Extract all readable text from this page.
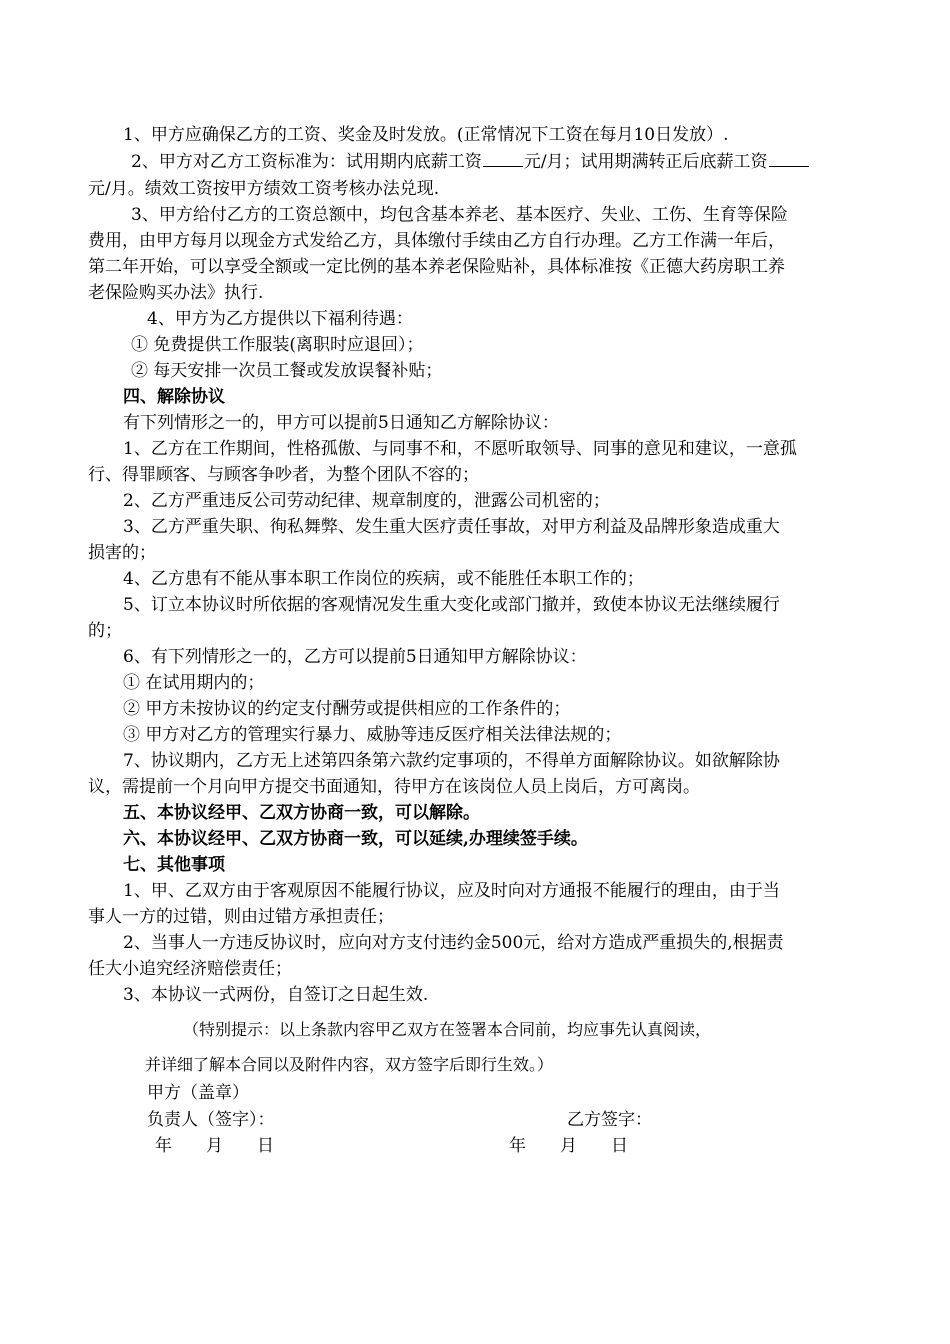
1、甲方应确保乙方的工资、奖金及时发放。(正常情况下工资在每月10日发放）.
2、甲方对乙方工资标准为：试用期内底薪工资 元/月；试用期满转正后底薪工资
元/月。绩效工资按甲方绩效工资考核办法兑现.
3、甲方给付乙方的工资总额中，均包含基本养老、基本医疗、失业、工伤、生育等保险
费用，由甲方每月以现金方式发给乙方，具体缴付手续由乙方自行办理。乙方工作满一年后，
第二年开始，可以享受全额或一定比例的基本养老保险贴补，具体标准按《正德大药房职工养
老保险购买办法》执行.
4、甲方为乙方提供以下福利待遇：
① 免费提供工作服装(离职时应退回）；
② 每天安排一次员工餐或发放误餐补贴；
四、解除协议
有下列情形之一的，甲方可以提前5日通知乙方解除协议：
1、乙方在工作期间，性格孤傲、与同事不和，不愿听取领导、同事的意见和建议，一意孤
行、得罪顾客、与顾客争吵者，为整个团队不容的；
2、乙方严重违反公司劳动纪律、规章制度的，泄露公司机密的；
3、乙方严重失职、徇私舞弊、发生重大医疗责任事故，对甲方利益及品牌形象造成重大
损害的；
4、乙方患有不能从事本职工作岗位的疾病，或不能胜任本职工作的；
5、订立本协议时所依据的客观情况发生重大变化或部门撤并，致使本协议无法继续履行
的；
6、有下列情形之一的，乙方可以提前5日通知甲方解除协议：
① 在试用期内的；
② 甲方未按协议的约定支付酬劳或提供相应的工作条件的；
③ 甲方对乙方的管理实行暴力、威胁等违反医疗相关法律法规的；
7、协议期内，乙方无上述第四条第六款约定事项的，不得单方面解除协议。如欲解除协
议，需提前一个月向甲方提交书面通知，待甲方在该岗位人员上岗后，方可离岗。
五、本协议经甲、乙双方协商一致，可以解除。
六、本协议经甲、乙双方协商一致，可以延续,办理续签手续。
七、其他事项
1、甲、乙双方由于客观原因不能履行协议，应及时向对方通报不能履行的理由，由于当
事人一方的过错，则由过错方承担责任；
2、当事人一方违反协议时，应向对方支付违约金500元，给对方造成严重损失的,根据责
任大小追究经济赔偿责任；
3、本协议一式两份，自签订之日起生效.
（特别提示：以上条款内容甲乙双方在签署本合同前，均应事先认真阅读，
并详细了解本合同以及附件内容，双方签字后即行生效。）
甲方（盖章）
负责人（签字）：	乙方签字：
年　　月　　日	年　　月　　日
